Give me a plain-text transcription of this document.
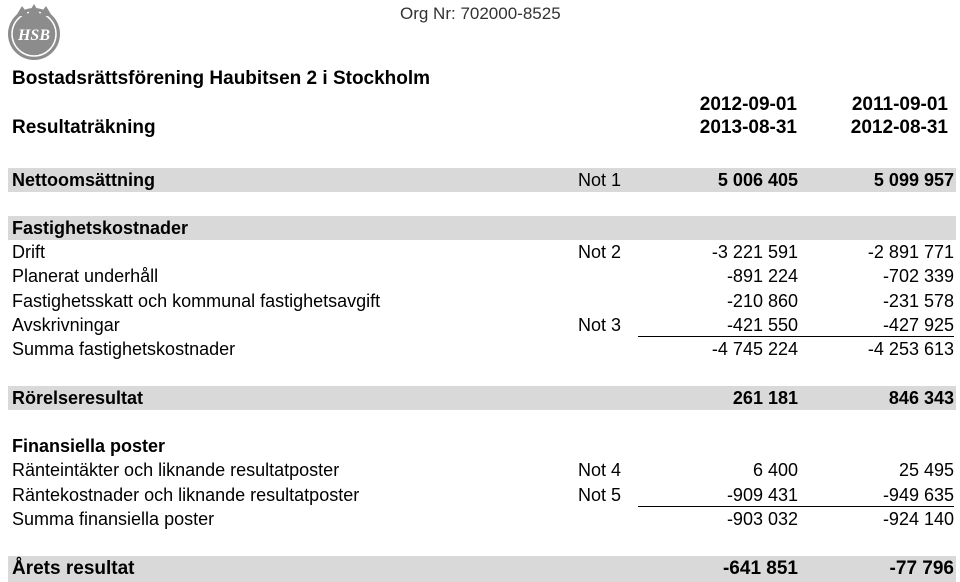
HSB
Org Nr: 702000-8525
Bostadsrättsförening Haubitsen 2 i Stockholm
Resultaträkning
2012-09-01
2013-08-31
2011-09-01
2012-08-31
Nettoomsättning	Not 1	5 006 405	5 099 957
Fastighetskostnader
Drift	Not 2	-3 221 591	-2 891 771
Planerat underhåll	-891 224	-702 339
Fastighetsskatt och kommunal fastighetsavgift	-210 860	-231 578
Avskrivningar	Not 3	-421 550	-427 925
Summa fastighetskostnader	-4 745 224	-4 253 613
Rörelseresultat	261 181	846 343
Finansiella poster
Ränteintäkter och liknande resultatposter	Not 4	6 400	25 495
Räntekostnader och liknande resultatposter	Not 5	-909 431	-949 635
Summa finansiella poster	-903 032	-924 140
Årets resultat	-641 851	-77 796
